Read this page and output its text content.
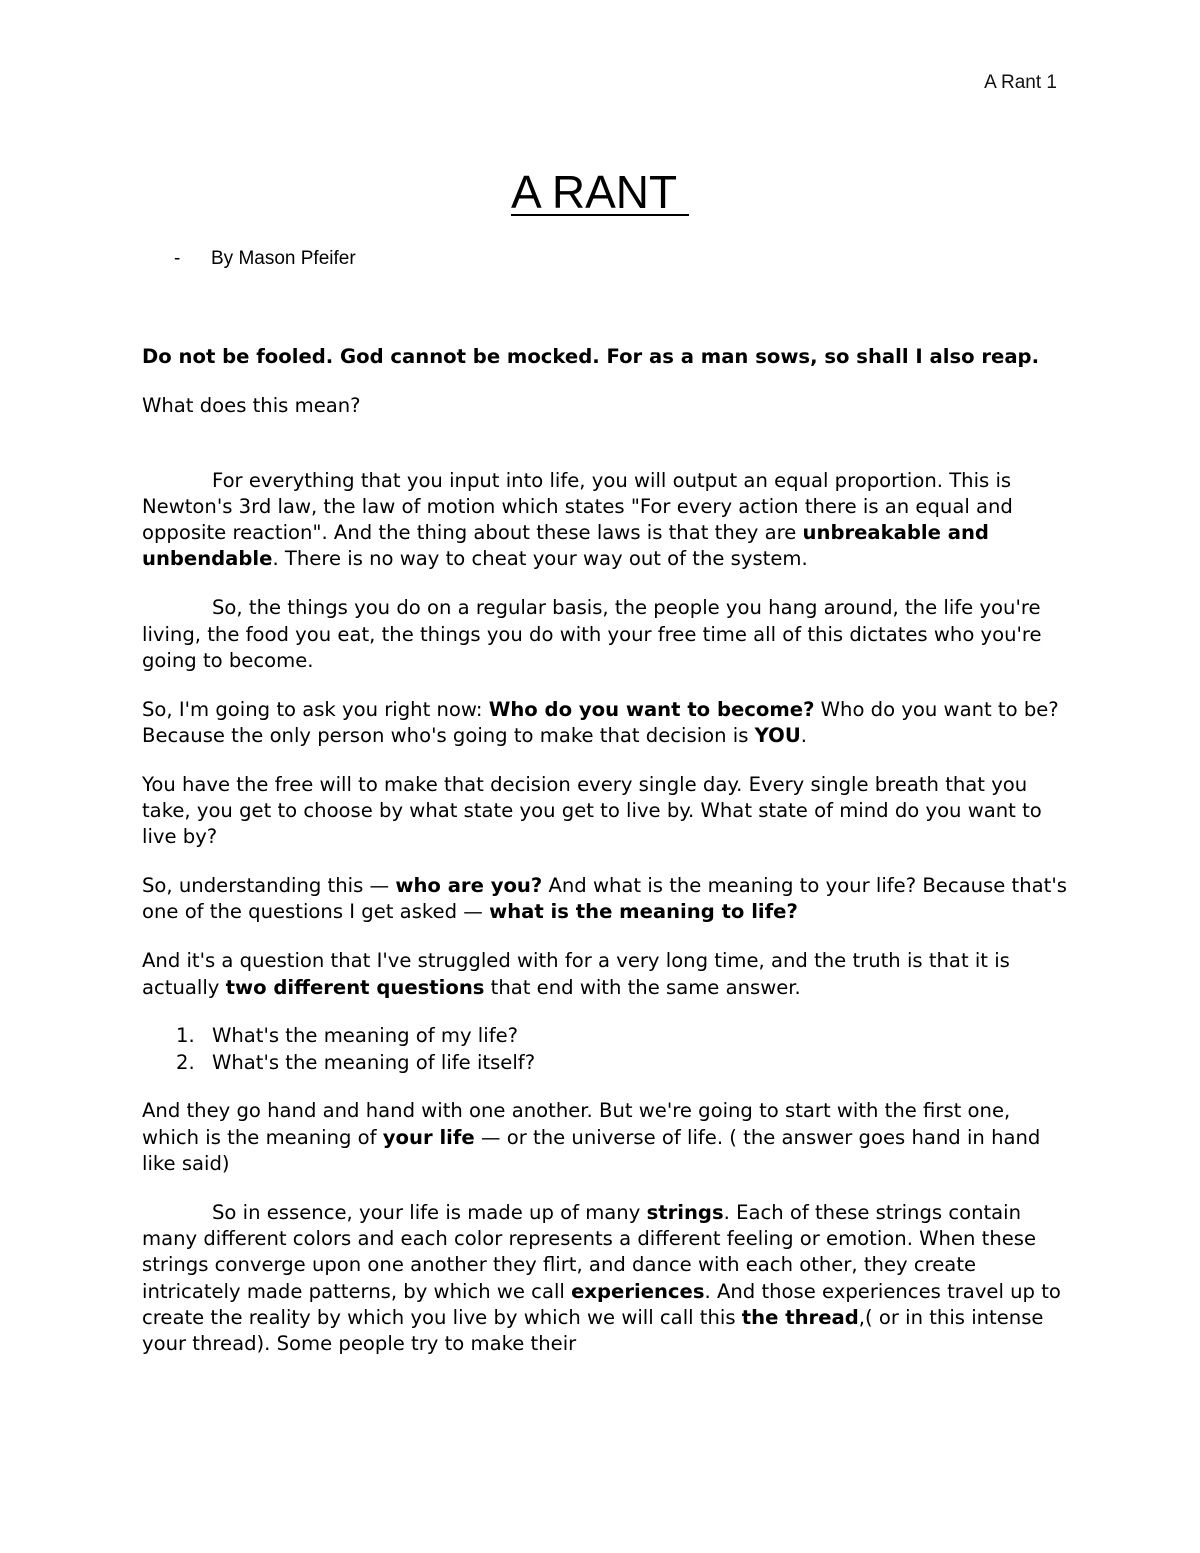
A Rant 1
A RANT
- By Mason Pfeifer

Do not be fooled. God cannot be mocked. For as a man sows, so shall I also reap.

What does this mean?

For everything that you input into life, you will output an equal proportion. This is Newton's 3rd law, the law of motion which states "For every action there is an equal and opposite reaction". And the thing about these laws is that they are unbreakable and unbendable. There is no way to cheat your way out of the system.

So, the things you do on a regular basis, the people you hang around, the life you're living, the food you eat, the things you do with your free time all of this dictates who you're going to become.

So, I'm going to ask you right now: Who do you want to become? Who do you want to be? Because the only person who's going to make that decision is YOU.

You have the free will to make that decision every single day. Every single breath that you take, you get to choose by what state you get to live by. What state of mind do you want to live by?

So, understanding this — who are you? And what is the meaning to your life? Because that's one of the questions I get asked — what is the meaning to life?

And it's a question that I've struggled with for a very long time, and the truth is that it is actually two different questions that end with the same answer.

1. What's the meaning of my life?
2. What's the meaning of life itself?

And they go hand and hand with one another. But we're going to start with the first one, which is the meaning of your life — or the universe of life. ( the answer goes hand in hand like said)

So in essence, your life is made up of many strings. Each of these strings contain many different colors and each color represents a different feeling or emotion. When these strings converge upon one another they flirt, and dance with each other, they create intricately made patterns, by which we call experiences. And those experiences travel up to create the reality by which you live by which we will call this the thread,( or in this intense your thread). Some people try to make their
